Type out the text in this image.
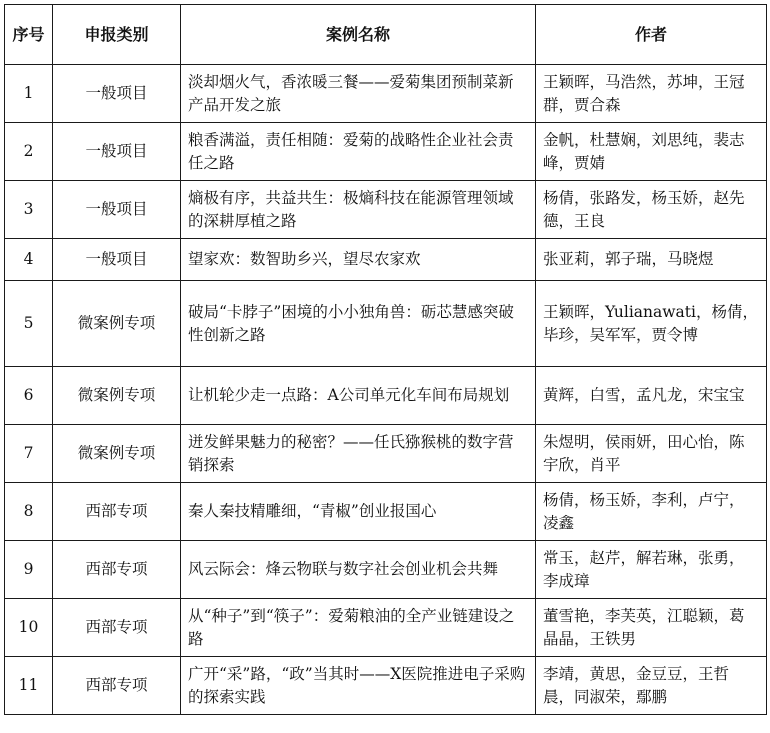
序号	申报类别	案例名称	作者
1	一般项目	淡却烟火气，香浓暖三餐——爱菊集团预制菜新产品开发之旅	王颖晖，马浩然，苏坤，王冠群，贾合森
2	一般项目	粮香满溢，责任相随：爱菊的战略性企业社会责任之路	金帆，杜慧娴，刘思纯，裴志峰，贾婧
3	一般项目	熵极有序，共益共生：极熵科技在能源管理领域的深耕厚植之路	杨倩，张路发，杨玉娇，赵先德，王良
4	一般项目	望家欢：数智助乡兴，望尽农家欢	张亚莉，郭子瑞，马晓煜
5	微案例专项	破局“卡脖子”困境的小小独角兽：砺芯慧感突破性创新之路	王颖晖，Yulianawati，杨倩，毕珍，吴军军，贾令博
6	微案例专项	让机轮少走一点路：A公司单元化车间布局规划	黄辉，白雪，孟凡龙，宋宝宝
7	微案例专项	迸发鲜果魅力的秘密？——任氏猕猴桃的数字营销探索	朱煜明，侯雨妍，田心怡，陈宇欣，肖平
8	西部专项	秦人秦技精雕细，“青椒”创业报国心	杨倩，杨玉娇，李利，卢宁，凌鑫
9	西部专项	风云际会：烽云物联与数字社会创业机会共舞	常玉，赵芹，解若琳，张勇，李成璋
10	西部专项	从“种子”到“筷子”：爱菊粮油的全产业链建设之路	董雪艳，李芙英，江聪颖，葛晶晶，王铁男
11	西部专项	广开“采”路，“政”当其时——X医院推进电子采购的探索实践	李靖，黄思，金豆豆，王哲晨，同淑荣，鄢鹏
